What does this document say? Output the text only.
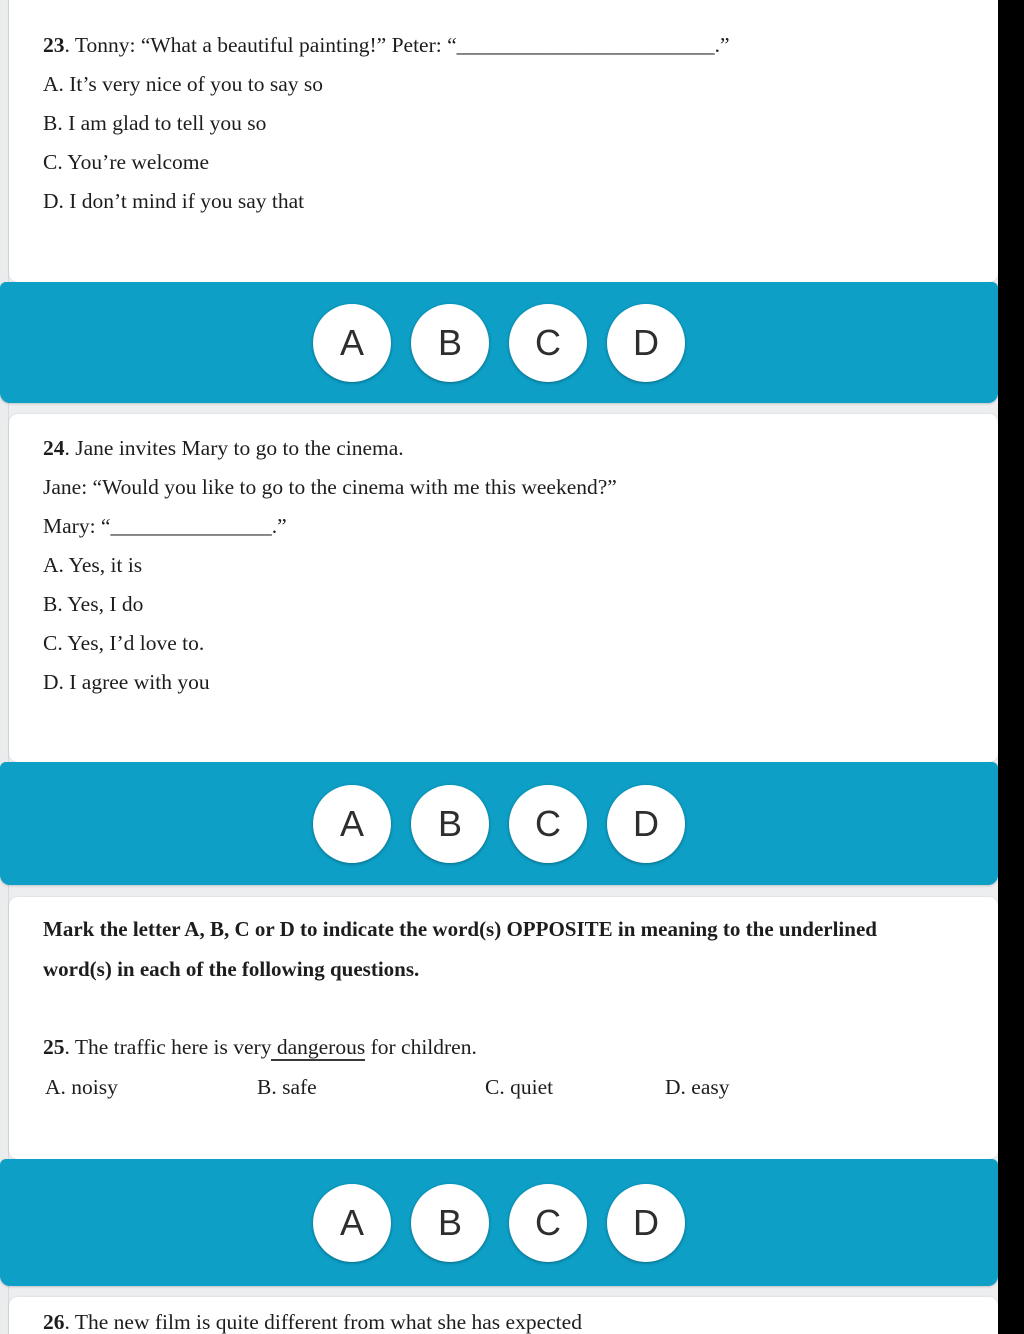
23. Tonny: “What a beautiful painting!” Peter: “________________________.”
A. It’s very nice of you to say so
B. I am glad to tell you so
C. You’re welcome
D. I don’t mind if you say that
A	B	C	D
24. Jane invites Mary to go to the cinema.
Jane: “Would you like to go to the cinema with me this weekend?”
Mary: “_______________.”
A. Yes, it is
B. Yes, I do
C. Yes, I’d love to.
D. I agree with you
A	B	C	D
Mark the letter A, B, C or D to indicate the word(s) OPPOSITE in meaning to the underlined
word(s) in each of the following questions.
25. The traffic here is very dangerous for children.
A. noisy	B. safe	C. quiet	D. easy
A	B	C	D
26. The new film is quite different from what she has expected
